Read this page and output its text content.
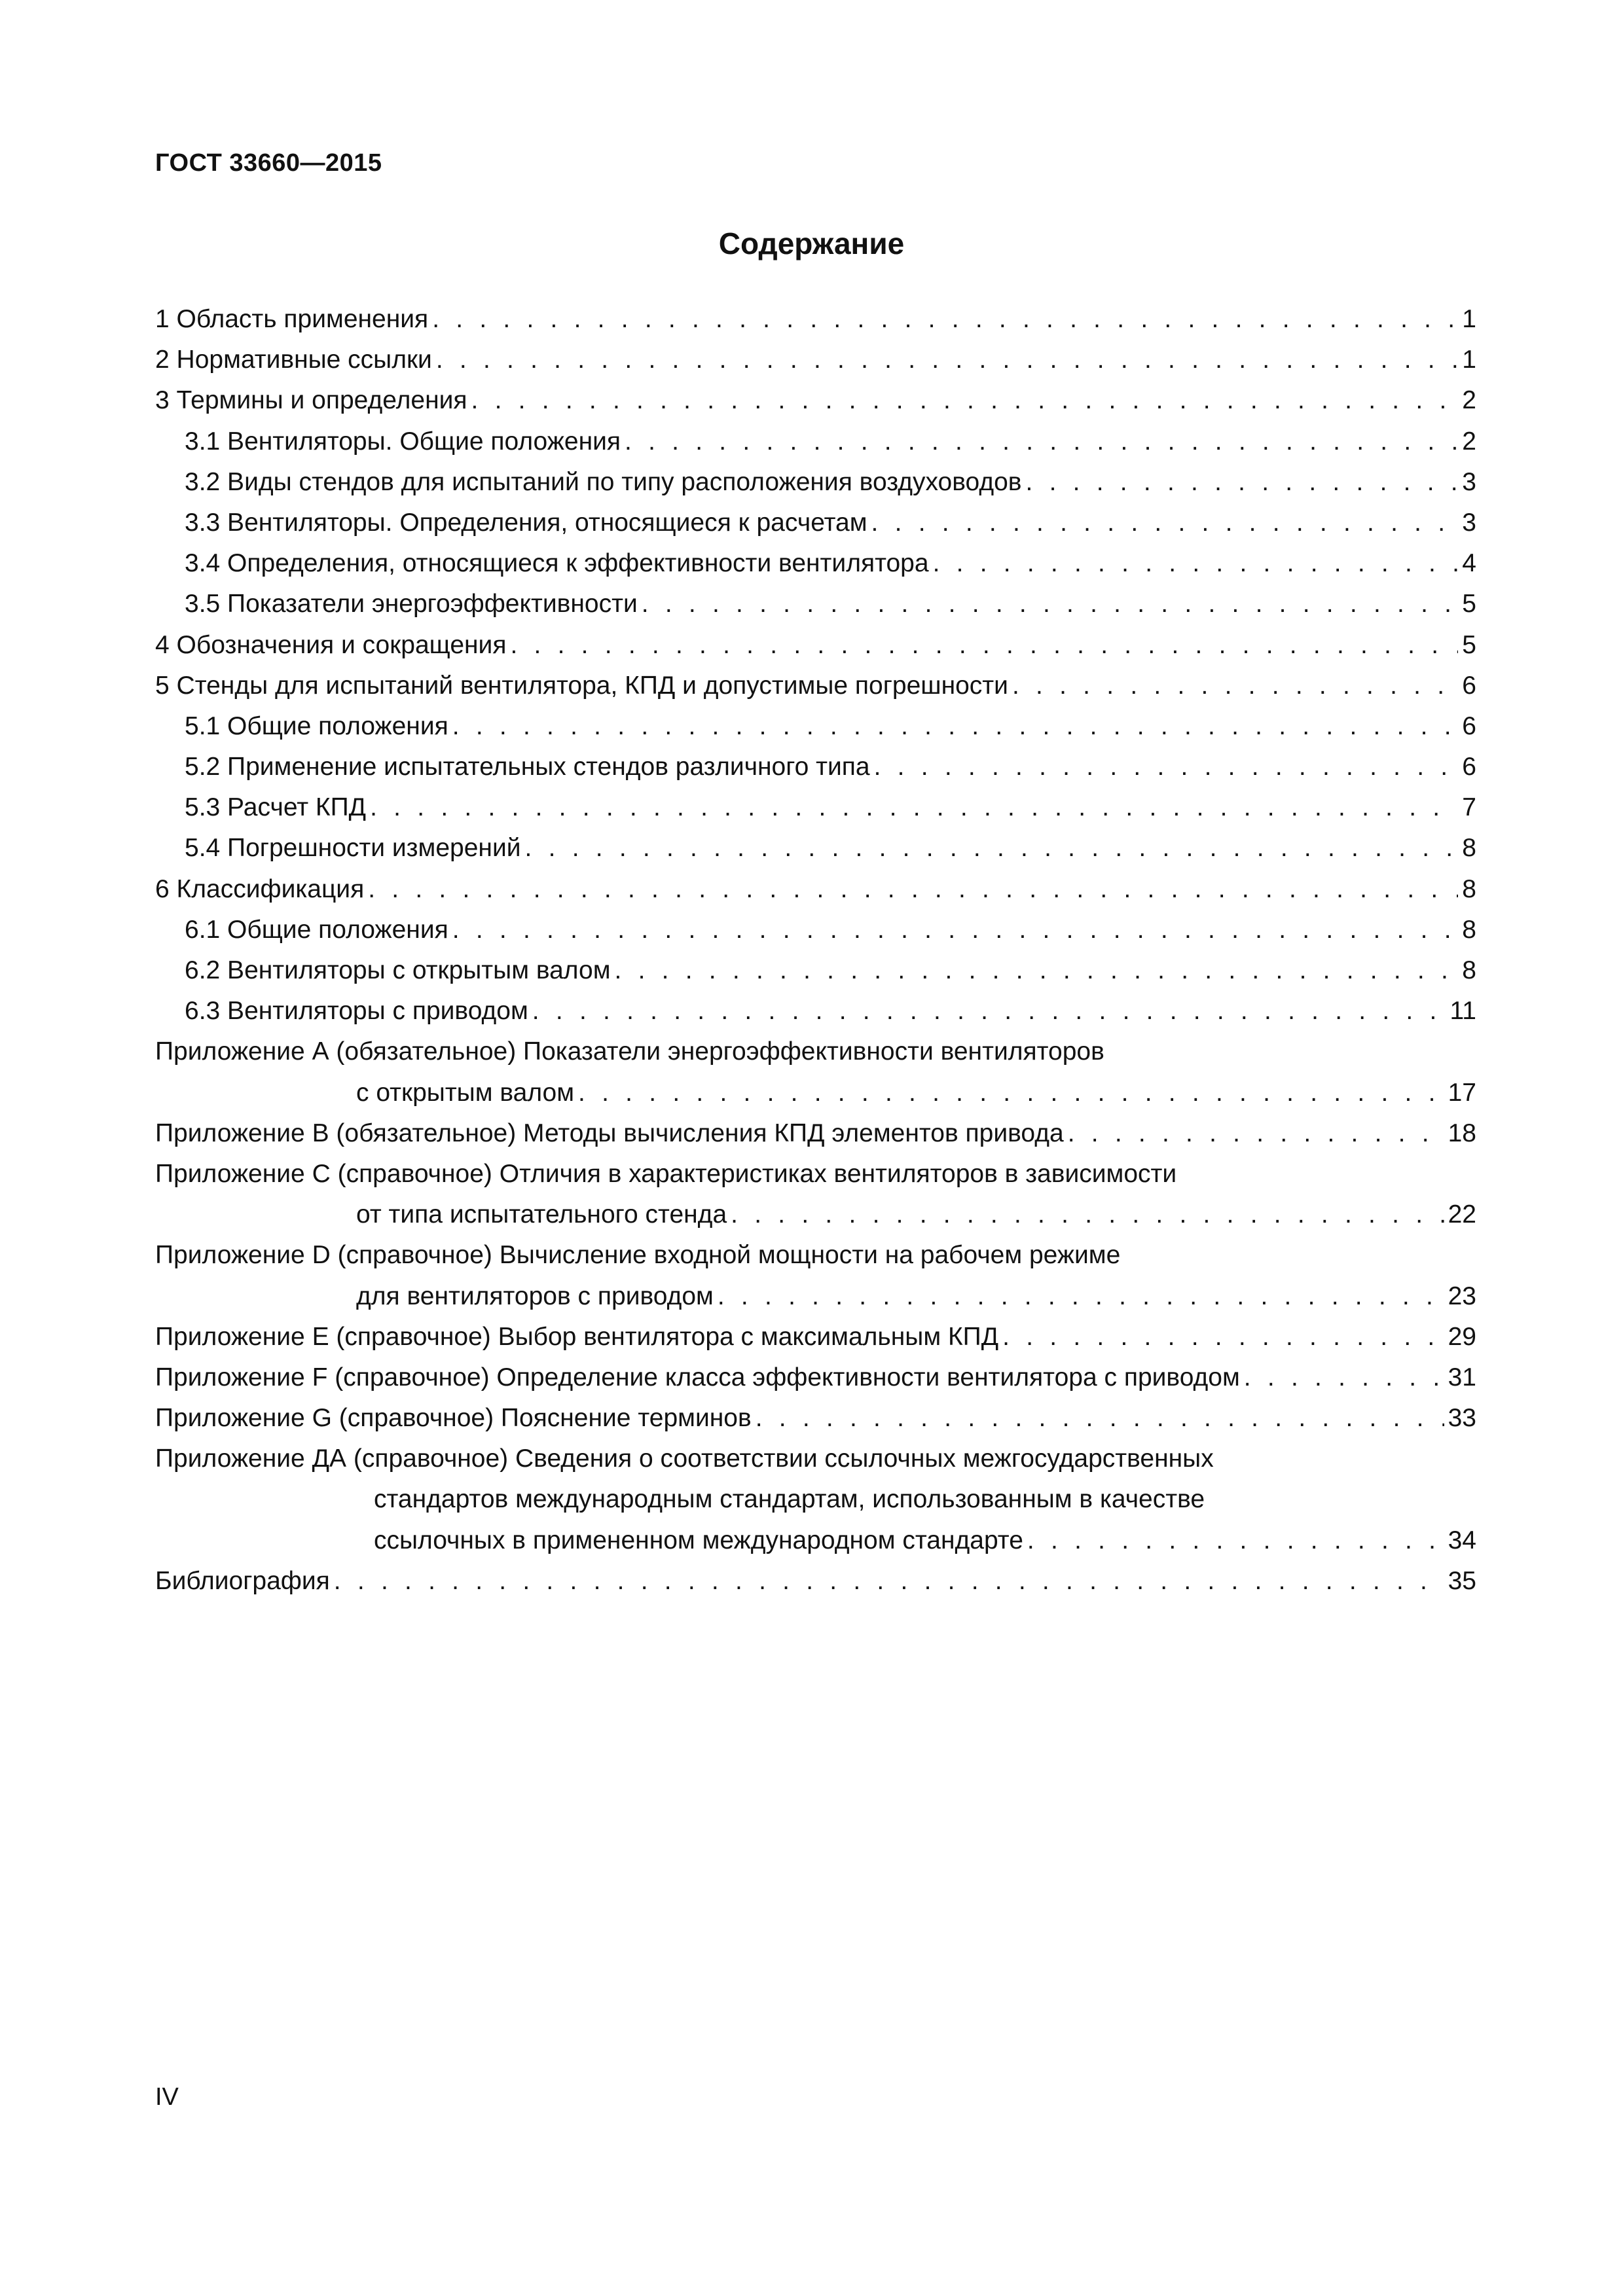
ГОСТ 33660—2015

Содержание
1 Область применения . . .	1
2 Нормативные ссылки . . .	1
3 Термины и определения . . .	2
3.1 Вентиляторы. Общие положения . . .	2
3.2 Виды стендов для испытаний по типу расположения воздуховодов . . .	3
3.3 Вентиляторы. Определения, относящиеся к расчетам . . .	3
3.4 Определения, относящиеся к эффективности вентилятора . . .	4
3.5 Показатели энергоэффективности . . .	5
4 Обозначения и сокращения . . .	5
5 Стенды для испытаний вентилятора, КПД и допустимые погрешности . . .	6
5.1 Общие положения . . .	6
5.2 Применение испытательных стендов различного типа . . .	6
5.3 Расчет КПД . . .	7
5.4 Погрешности измерений . . .	8
6 Классификация . . .	8
6.1 Общие положения . . .	8
6.2 Вентиляторы с открытым валом . . .	8
6.3 Вентиляторы с приводом . . .	11
Приложение А (обязательное) Показатели энергоэффективности вентиляторов
с открытым валом . . .	17
Приложение В (обязательное) Методы вычисления КПД элементов привода . . .	18
Приложение С (справочное) Отличия в характеристиках вентиляторов в зависимости
от типа испытательного стенда . . .	22
Приложение D (справочное) Вычисление входной мощности на рабочем режиме
для вентиляторов с приводом . . .	23
Приложение Е (справочное) Выбор вентилятора с максимальным КПД . . .	29
Приложение F (справочное) Определение класса эффективности вентилятора с приводом . . .	31
Приложение G (справочное) Пояснение терминов . . .	33
Приложение ДА (справочное) Сведения о соответствии ссылочных межгосударственных
стандартов международным стандартам, использованным в качестве
ссылочных в примененном международном стандарте . . .	34
Библиография . . .	35

IV
